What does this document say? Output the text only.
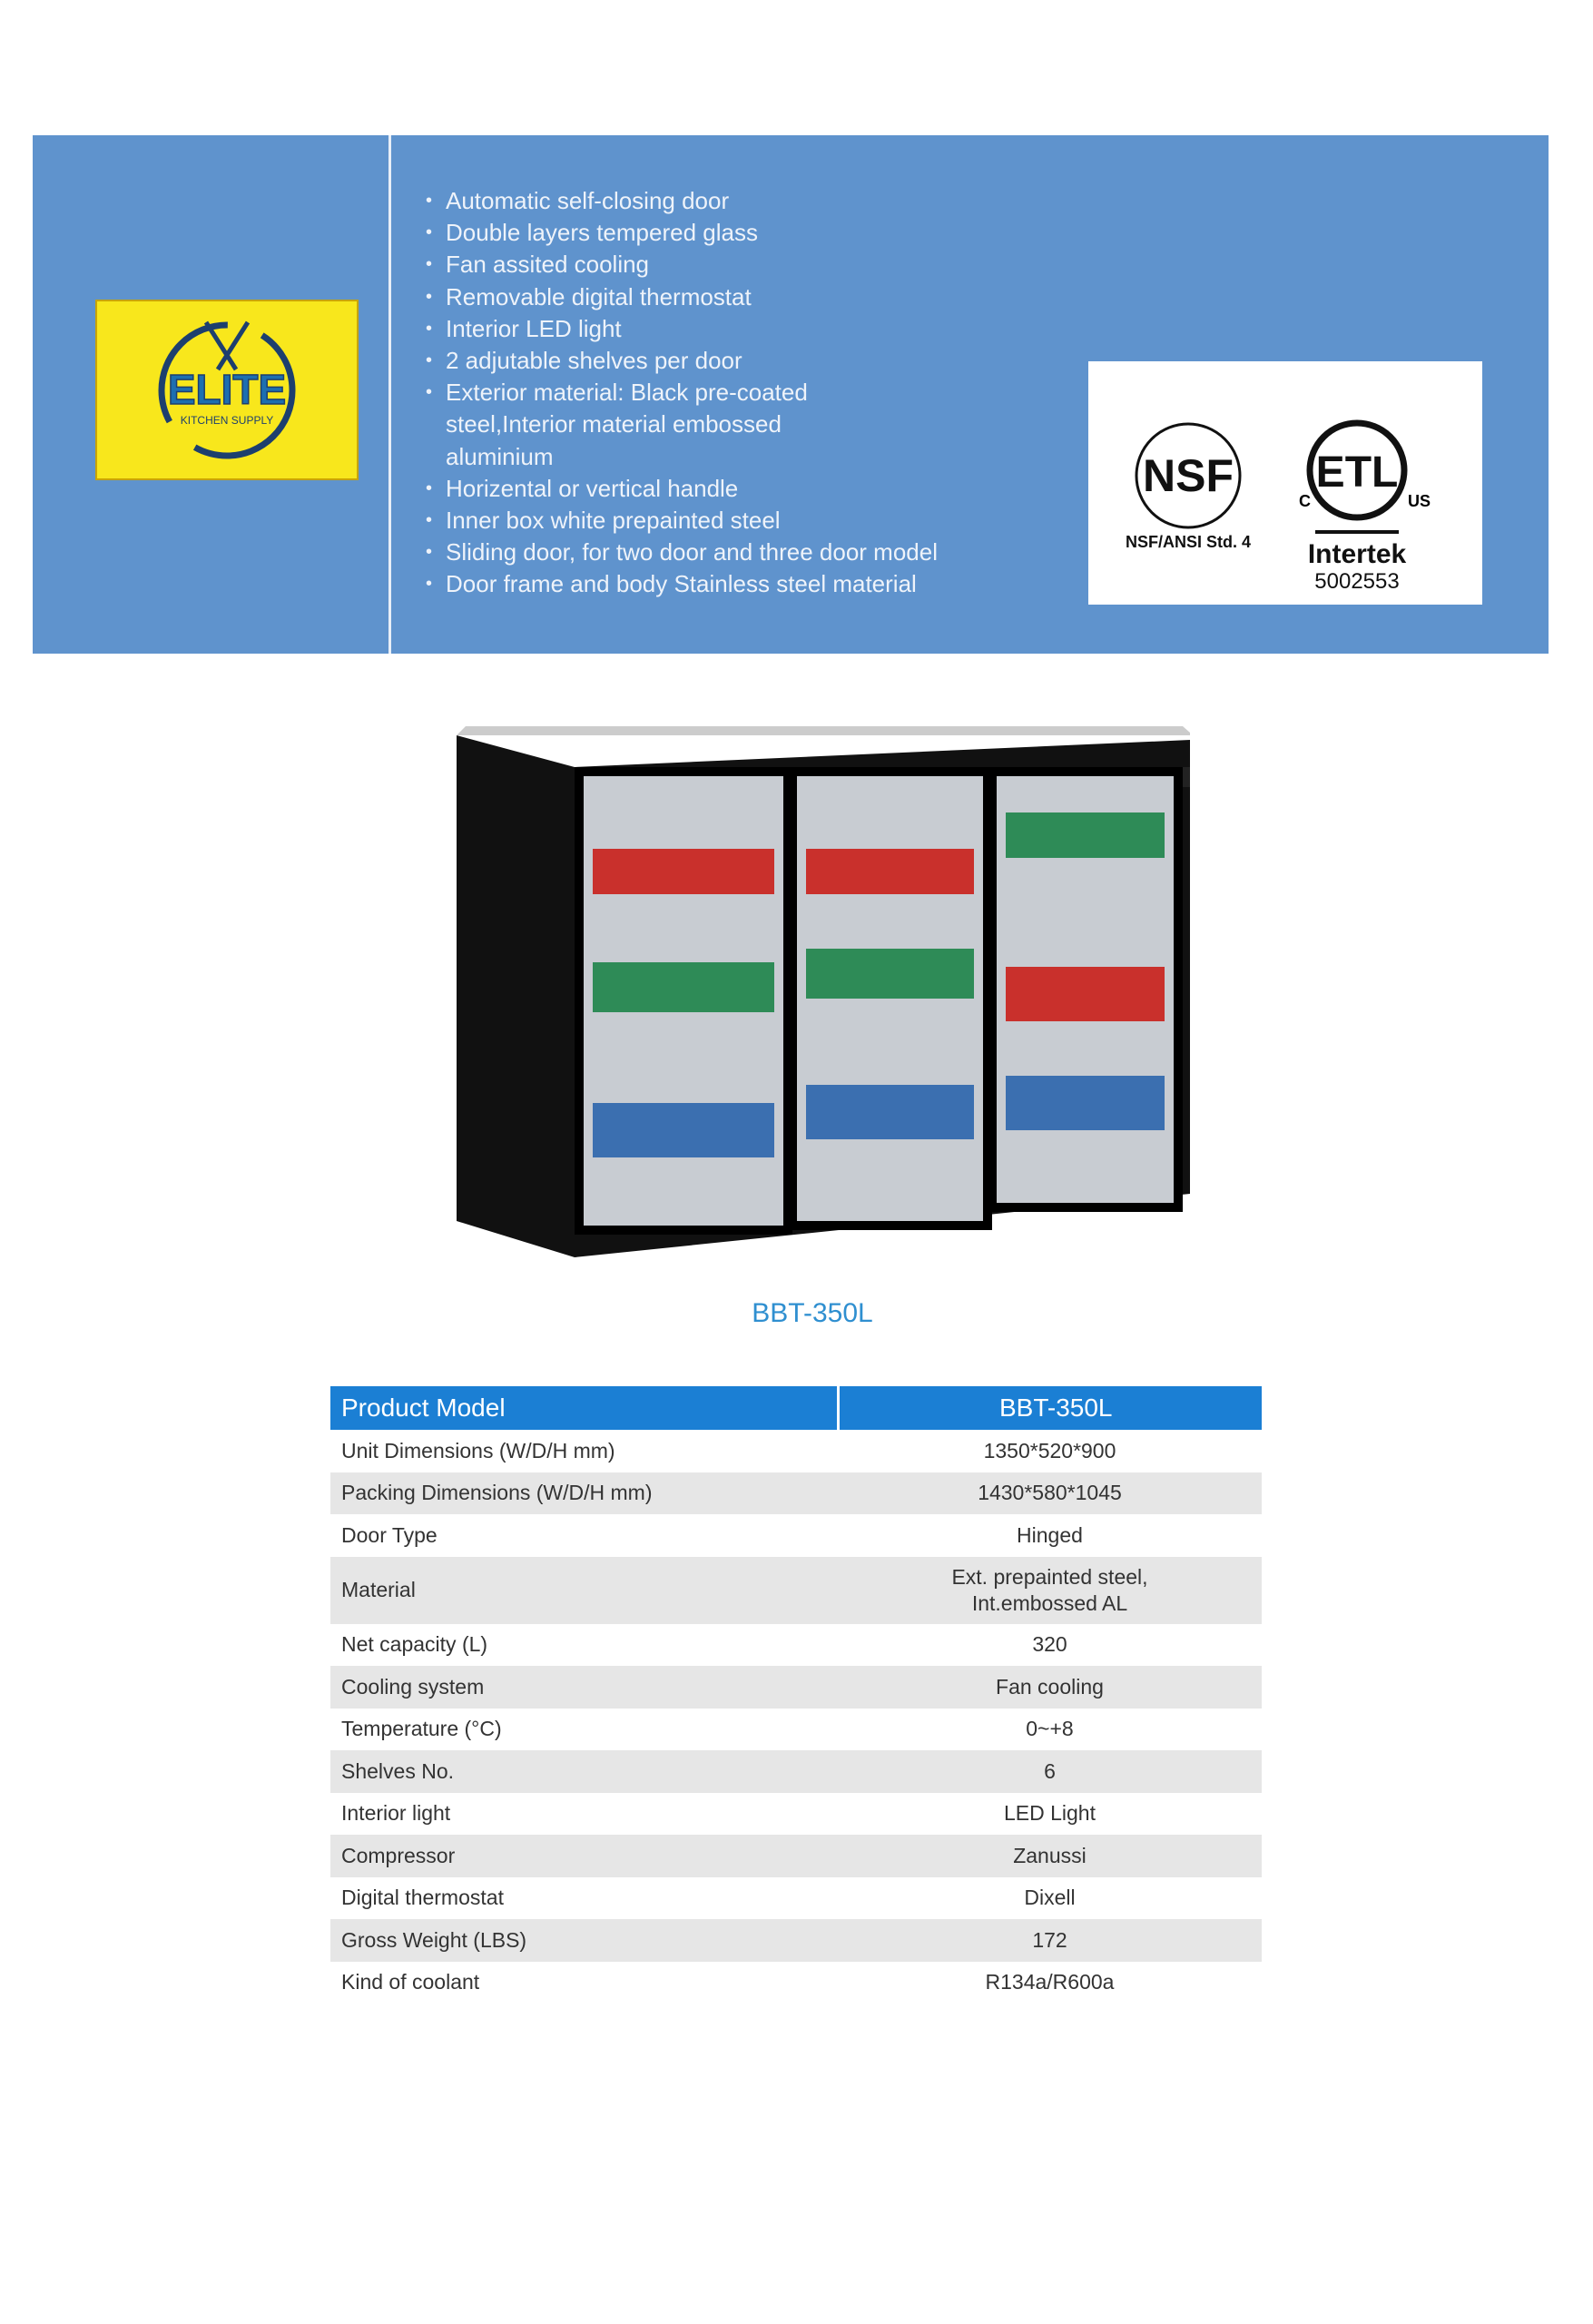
ELITE
KITCHEN SUPPLY
• Automatic self-closing door
• Double layers tempered glass
• Fan assited cooling
• Removable digital thermostat
• Interior LED light
• 2 adjutable shelves per door
• Exterior material: Black pre-coated
steel,Interior material embossed
aluminium
• Horizental or vertical handle
• Inner box white prepainted steel
• Sliding door, for two door and three door model
• Door frame and body Stainless steel material
NSF
NSF/ANSI Std. 4
ETL
C	US
Intertek
5002553
BBT-350L
Product Model	BBT-350L
Unit Dimensions (W/D/H mm)	1350*520*900
Packing Dimensions (W/D/H mm)	1430*580*1045
Door Type	Hinged
Material	Ext. prepainted steel,
Int.embossed AL

Net capacity (L)	320
Cooling system	Fan cooling
Temperature (°C)	0~+8
Shelves No.	6
Interior light	LED Light
Compressor	Zanussi
Digital thermostat	Dixell
Gross Weight (LBS)	172
Kind of coolant	R134a/R600a
